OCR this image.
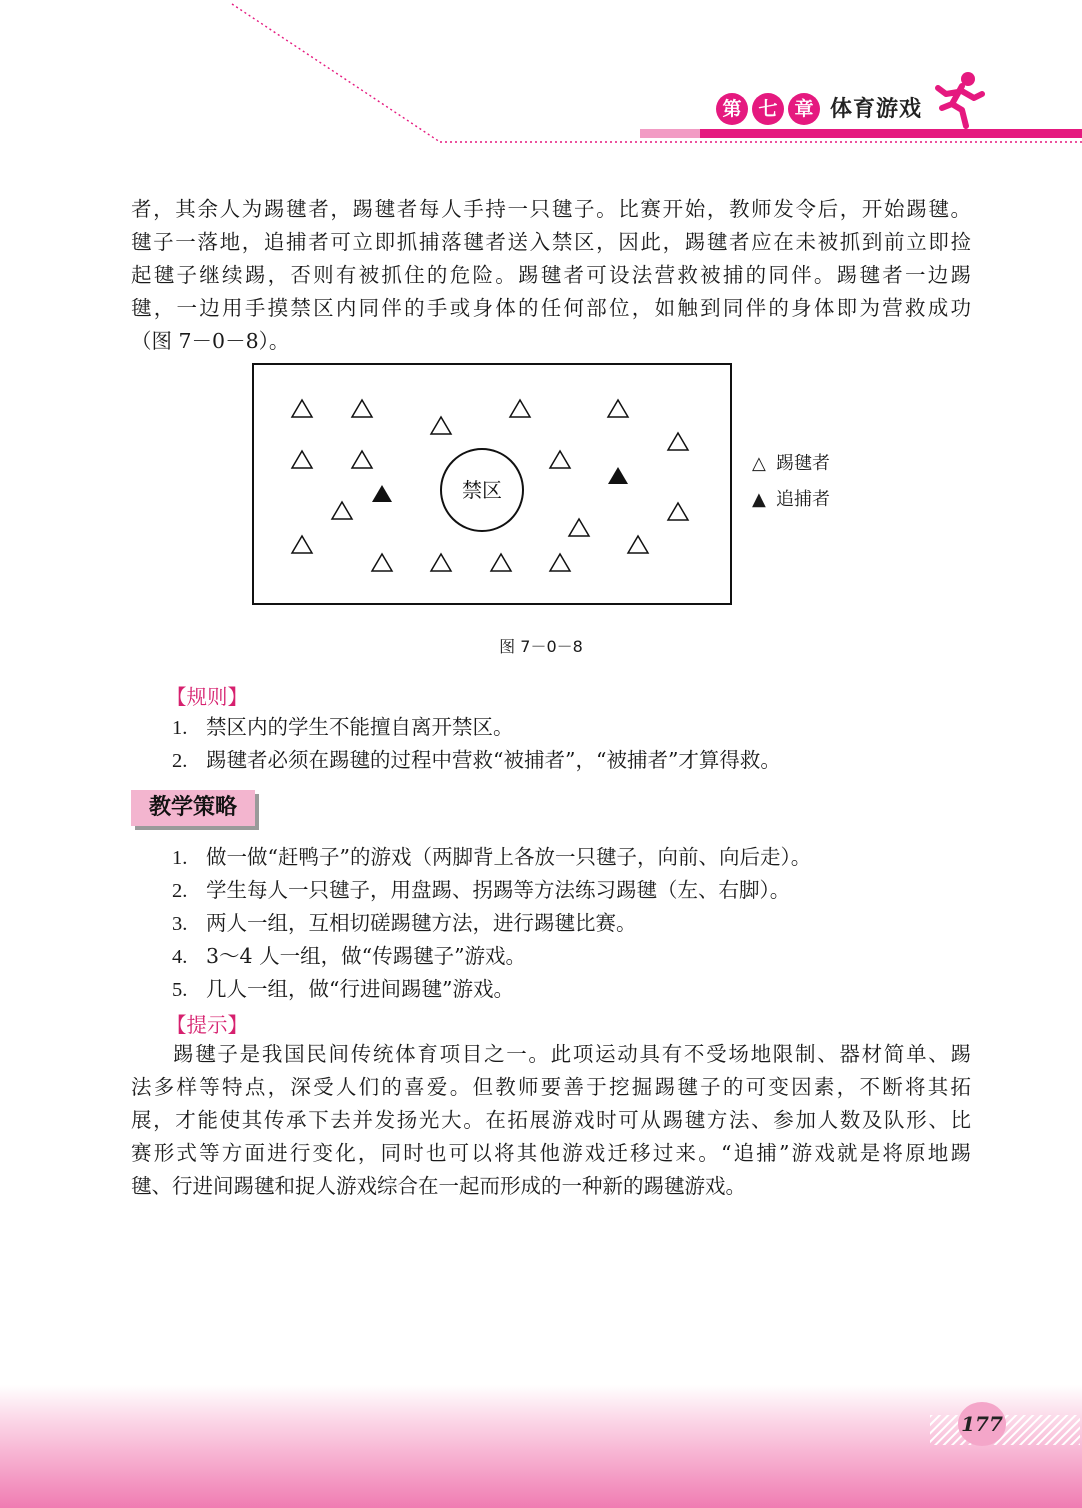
第 七 章 体育游戏
者，其余人为踢毽者，踢毽者每人手持一只毽子。比赛开始，教师发令后，开始踢毽。
毽子一落地，追捕者可立即抓捕落毽者送入禁区，因此，踢毽者应在未被抓到前立即捡
起毽子继续踢，否则有被抓住的危险。踢毽者可设法营救被捕的同伴。踢毽者一边踢
毽，一边用手摸禁区内同伴的手或身体的任何部位，如触到同伴的身体即为营救成功
（图 7－0－8）。
禁区
△ 踢毽者
▲ 追捕者
图 7－0－8
【规则】
1. 禁区内的学生不能擅自离开禁区。
2. 踢毽者必须在踢毽的过程中营救“被捕者”，“被捕者”才算得救。
教学策略
1. 做一做“赶鸭子”的游戏（两脚背上各放一只毽子，向前、向后走）。
2. 学生每人一只毽子，用盘踢、拐踢等方法练习踢毽（左、右脚）。
3. 两人一组，互相切磋踢毽方法，进行踢毽比赛。
4. 3～4 人一组，做“传踢毽子”游戏。
5. 几人一组，做“行进间踢毽”游戏。
【提示】
踢毽子是我国民间传统体育项目之一。此项运动具有不受场地限制、器材简单、踢
法多样等特点，深受人们的喜爱。但教师要善于挖掘踢毽子的可变因素，不断将其拓
展，才能使其传承下去并发扬光大。在拓展游戏时可从踢毽方法、参加人数及队形、比
赛形式等方面进行变化，同时也可以将其他游戏迁移过来。“追捕”游戏就是将原地踢
毽、行进间踢毽和捉人游戏综合在一起而形成的一种新的踢毽游戏。
177
